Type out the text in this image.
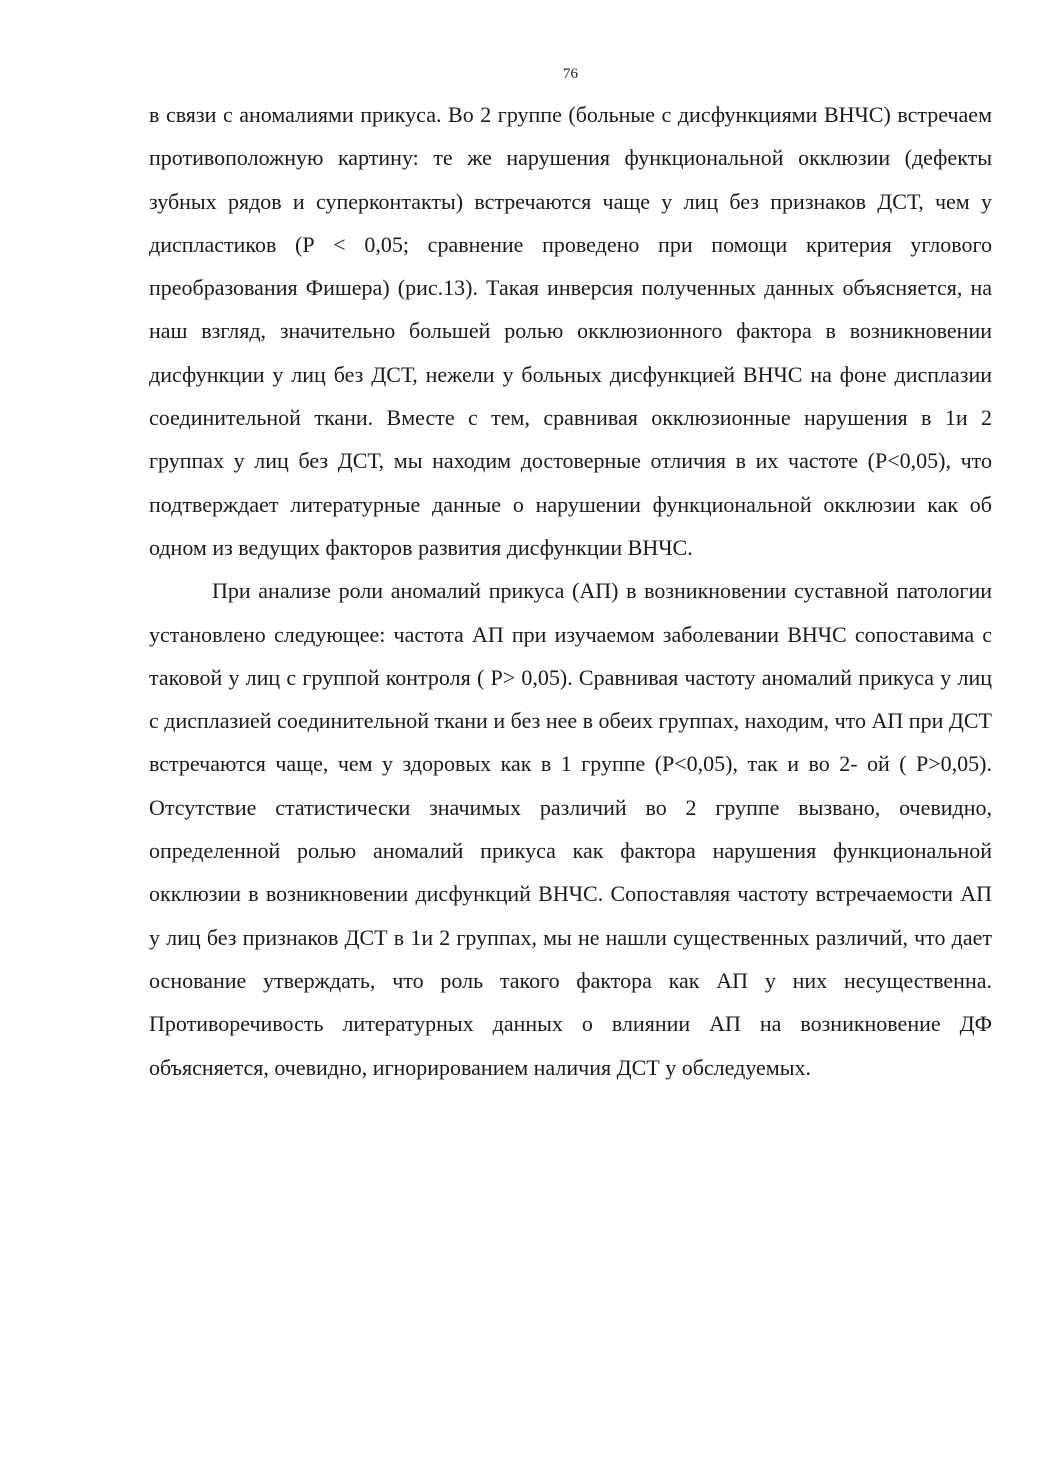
76

в связи с аномалиями прикуса. Во 2 группе (больные с дисфункциями ВНЧС) встречаем противоположную картину: те же нарушения функциональной окклюзии (дефекты зубных рядов и суперконтакты) встречаются чаще у лиц без признаков ДСТ, чем у диспластиков (Р < 0,05; сравнение проведено при помощи критерия углового преобразования Фишера) (рис.13). Такая инверсия полученных данных объясняется, на наш взгляд, значительно большей ролью окклюзионного фактора в возникновении дисфункции у лиц без ДСТ, нежели у больных дисфункцией ВНЧС на фоне дисплазии соединительной ткани. Вместе с тем, сравнивая окклюзионные нарушения в 1и 2 группах у лиц без ДСТ, мы находим достоверные отличия в их частоте (Р<0,05), что подтверждает литературные данные о нарушении функциональной окклюзии как об одном из ведущих факторов развития дисфункции ВНЧС.

При анализе роли аномалий прикуса (АП) в возникновении суставной патологии установлено следующее: частота АП при изучаемом заболевании ВНЧС сопоставима с таковой у лиц с группой контроля ( Р> 0,05). Сравнивая частоту аномалий прикуса у лиц с дисплазией соединительной ткани и без нее в обеих группах, находим, что АП при ДСТ встречаются чаще, чем у здоровых как в 1 группе (Р<0,05), так и во 2- ой ( Р>0,05). Отсутствие статистически значимых различий во 2 группе вызвано, очевидно, определенной ролью аномалий прикуса как фактора нарушения функциональной окклюзии в возникновении дисфункций ВНЧС. Сопоставляя частоту встречаемости АП у лиц без признаков ДСТ в 1и 2 группах, мы не нашли существенных различий, что дает основание утверждать, что роль такого фактора как АП у них несущественна. Противоречивость литературных данных о влиянии АП на возникновение ДФ объясняется, очевидно, игнорированием наличия ДСТ у обследуемых.
